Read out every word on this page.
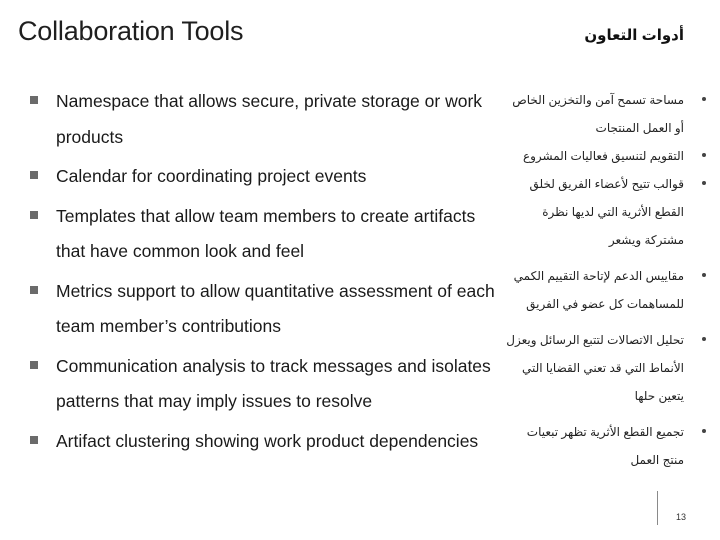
Collaboration Tools	أدوات التعاون
Namespace that allows secure, private storage or work products
Calendar for coordinating project events
Templates that allow team members to create artifacts that have common look and feel
Metrics support to allow quantitative assessment of each team member’s contributions
Communication analysis to track messages and isolates patterns that may imply issues to resolve
Artifact clustering showing work product dependencies
مساحة تسمح آمن والتخزين الخاص أو العمل المنتجات
التقويم لتنسيق فعاليات المشروع
قوالب تتيح لأعضاء الفريق لخلق القطع الأثرية التي لديها نظرة مشتركة ويشعر
مقاييس الدعم لإتاحة التقييم الكمي للمساهمات كل عضو في الفريق
تحليل الاتصالات لتتبع الرسائل ويعزل الأنماط التي قد تعني القضايا التي يتعين حلها
تجميع القطع الأثرية تظهر تبعيات منتج العمل
13
